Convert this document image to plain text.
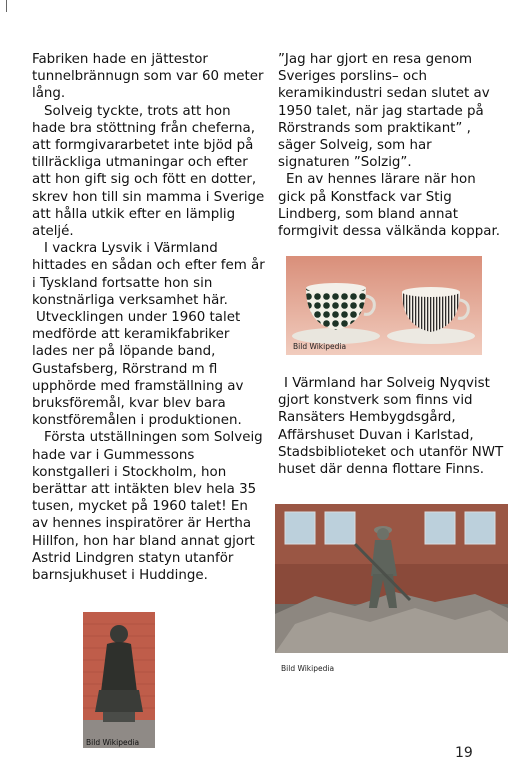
Fabriken hade en jättestor tunnelbrännugn som var 60 meter lång.

Solveig tyckte, trots att hon hade bra stöttning från cheferna, att formgivararbetet inte bjöd på tillräckliga utmaningar och efter att hon gift sig och fött en dotter, skrev hon till sin mamma i Sverige att hålla utkik efter en lämplig ateljé.

I vackra Lysvik i Värmland hittades en sådan och efter fem år i Tyskland fortsatte hon sin konstnärliga verksamhet här.

Utvecklingen under 1960 talet medförde att keramikfabriker lades ner på löpande band, Gustafsberg, Rörstrand m fl upphörde med framställning av bruksföremål, kvar blev bara konstföremålen i produktionen.

Första utställningen som Solveig hade var i Gummessons konstgalleri i Stockholm, hon berättar att intäkten blev hela 35 tusen, mycket på 1960 talet! En av hennes inspiratörer är Hertha Hillfon, hon har bland annat gjort Astrid Lindgren statyn utanför barnsjukhuset i Huddinge.

”Jag har gjort en resa genom Sveriges porslins– och keramikindustri sedan slutet av 1950 talet, när jag startade på Rörstrands som praktikant” , säger Solveig, som har signaturen ”Solzig”.

En av hennes lärare när hon gick på Konstfack var Stig Lindberg, som bland annat formgivit dessa välkända koppar.

Bild Wikipedia

I Värmland har Solveig Nyqvist gjort konstverk som finns vid Ransäters Hembygdsgård, Affärshuset Duvan i Karlstad, Stadsbiblioteket och utanför NWT huset där denna flottare Finns.

Bild Wikipedia
Bild Wikipedia
19
